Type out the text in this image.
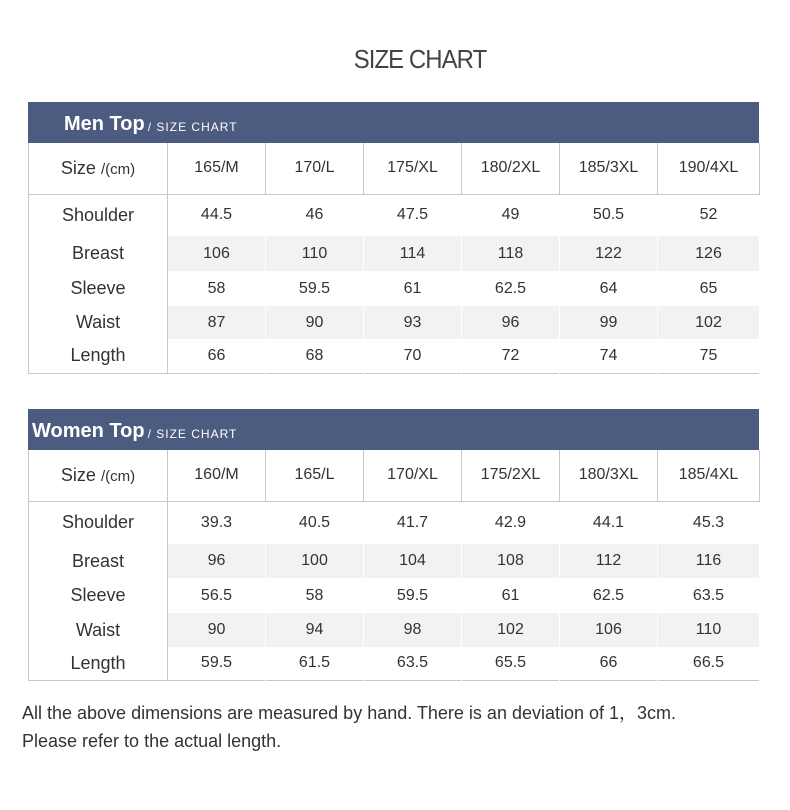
SIZE CHART
Men Top / SIZE CHART
Size /(cm)	165/M	170/L	175/XL	180/2XL	185/3XL	190/4XL
Shoulder	44.5	46	47.5	49	50.5	52
Breast	106	110	114	118	122	126
Sleeve	58	59.5	61	62.5	64	65
Waist	87	90	93	96	99	102
Length	66	68	70	72	74	75
Women Top / SIZE CHART
Size /(cm)	160/M	165/L	170/XL	175/2XL	180/3XL	185/4XL
Shoulder	39.3	40.5	41.7	42.9	44.1	45.3
Breast	96	100	104	108	112	116
Sleeve	56.5	58	59.5	61	62.5	63.5
Waist	90	94	98	102	106	110
Length	59.5	61.5	63.5	65.5	66	66.5
All the above dimensions are measured by hand. There is an deviation of 1，3cm.
Please refer to the actual length.
